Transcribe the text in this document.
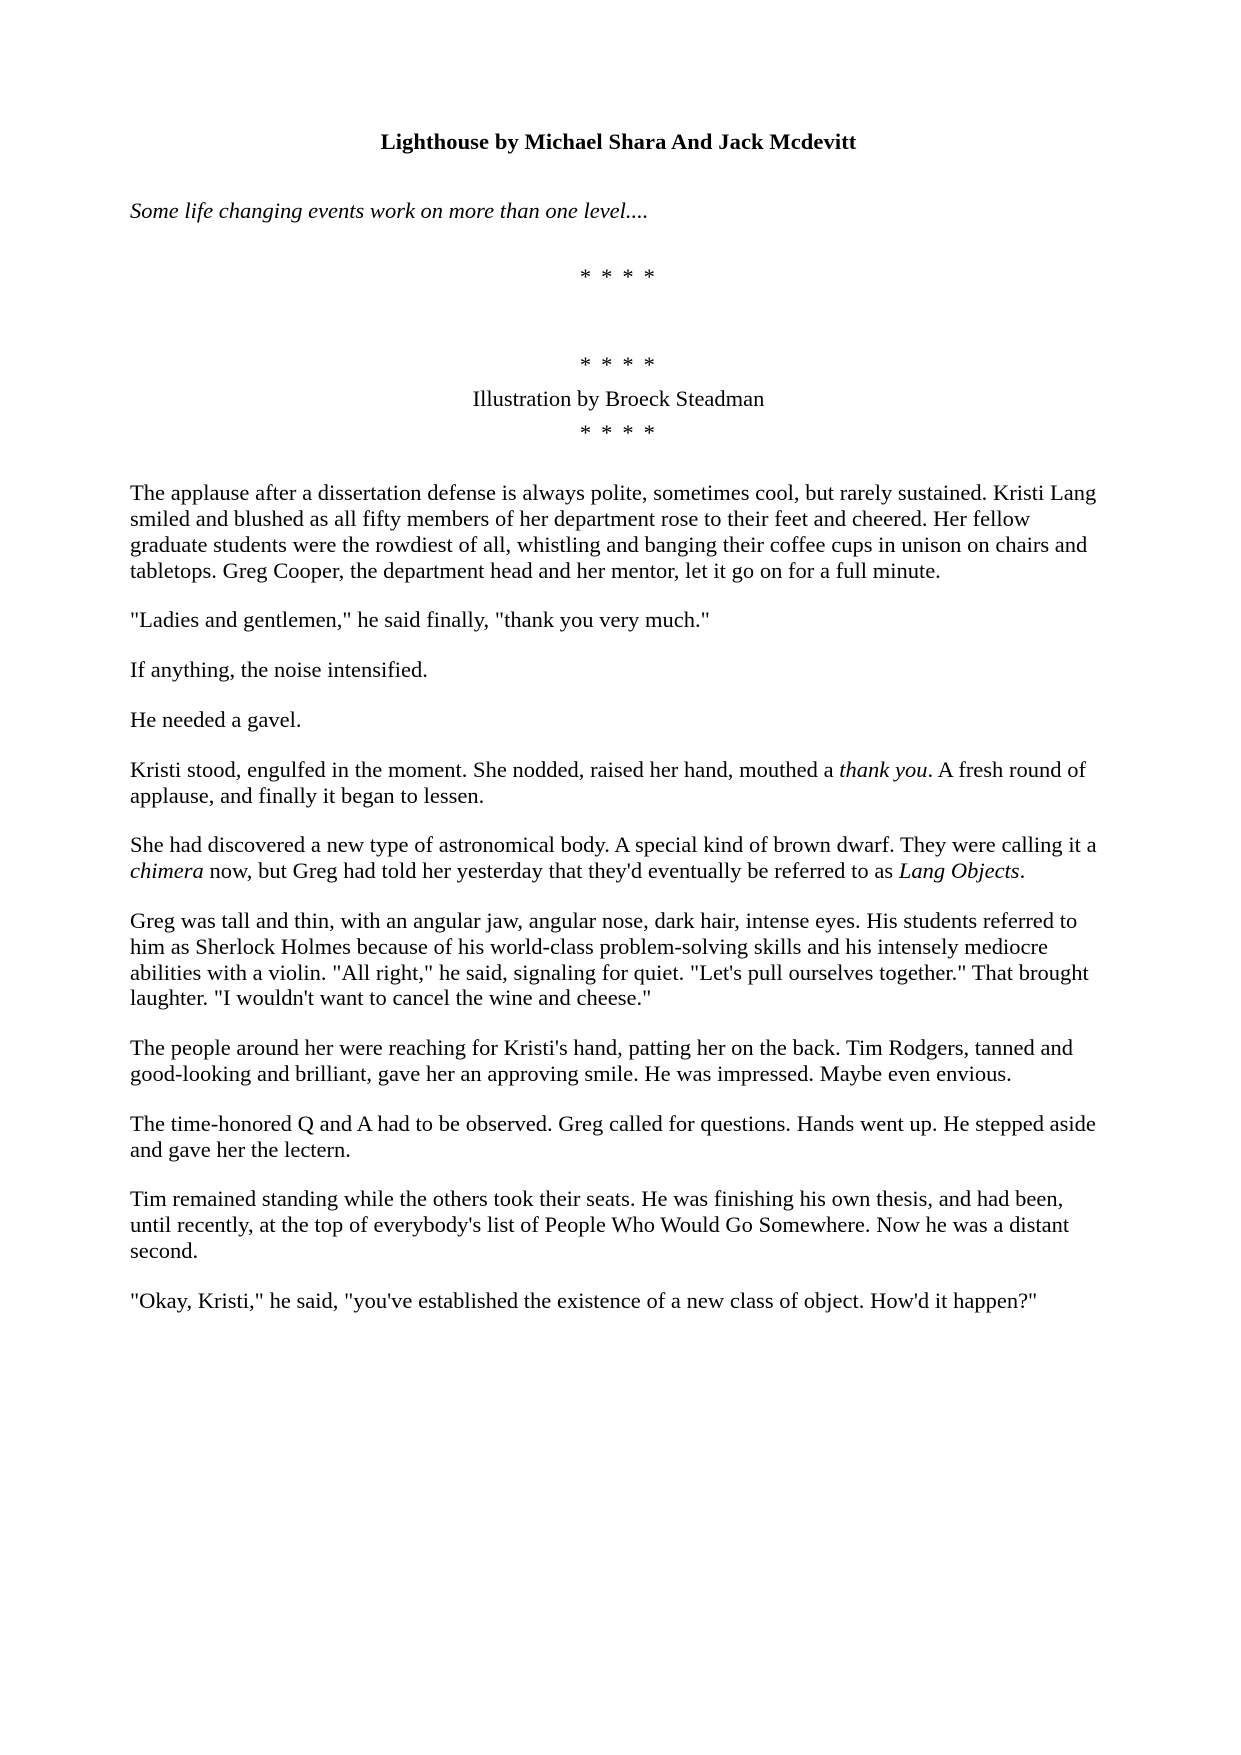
Lighthouse by Michael Shara And Jack Mcdevitt

Some life changing events work on more than one level....

* * * *

* * * *

Illustration by Broeck Steadman

* * * *

The applause after a dissertation defense is always polite, sometimes cool, but rarely sustained. Kristi Lang smiled and blushed as all fifty members of her department rose to their feet and cheered. Her fellow graduate students were the rowdiest of all, whistling and banging their coffee cups in unison on chairs and tabletops. Greg Cooper, the department head and her mentor, let it go on for a full minute.

"Ladies and gentlemen," he said finally, "thank you very much."

If anything, the noise intensified.

He needed a gavel.

Kristi stood, engulfed in the moment. She nodded, raised her hand, mouthed a thank you. A fresh round of applause, and finally it began to lessen.

She had discovered a new type of astronomical body. A special kind of brown dwarf. They were calling it a chimera now, but Greg had told her yesterday that they'd eventually be referred to as Lang Objects.

Greg was tall and thin, with an angular jaw, angular nose, dark hair, intense eyes. His students referred to him as Sherlock Holmes because of his world-class problem-solving skills and his intensely mediocre abilities with a violin. "All right," he said, signaling for quiet. "Let's pull ourselves together." That brought laughter. "I wouldn't want to cancel the wine and cheese."

The people around her were reaching for Kristi's hand, patting her on the back. Tim Rodgers, tanned and good-looking and brilliant, gave her an approving smile. He was impressed. Maybe even envious.

The time-honored Q and A had to be observed. Greg called for questions. Hands went up. He stepped aside and gave her the lectern.

Tim remained standing while the others took their seats. He was finishing his own thesis, and had been, until recently, at the top of everybody's list of People Who Would Go Somewhere. Now he was a distant second.

"Okay, Kristi," he said, "you've established the existence of a new class of object. How'd it happen?"
